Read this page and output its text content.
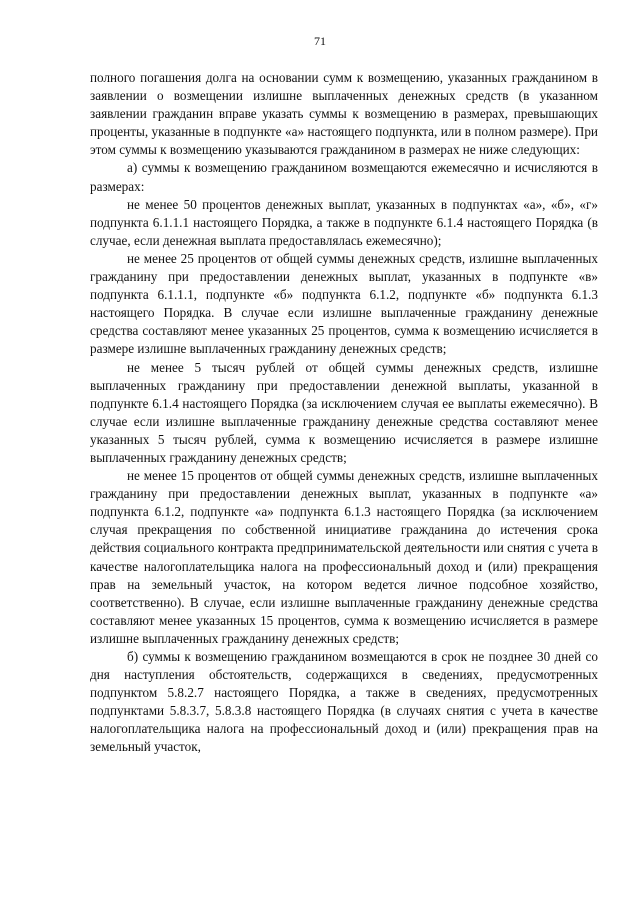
71

полного погашения долга на основании сумм к возмещению, указанных гражданином в заявлении о возмещении излишне выплаченных денежных средств (в указанном заявлении гражданин вправе указать суммы к возмещению в размерах, превышающих проценты, указанные в подпункте «а» настоящего подпункта, или в полном размере). При этом суммы к возмещению указываются гражданином в размерах не ниже следующих:

а) суммы к возмещению гражданином возмещаются ежемесячно и исчисляются в размерах:

не менее 50 процентов денежных выплат, указанных в подпунктах «а», «б», «г» подпункта 6.1.1.1 настоящего Порядка, а также в подпункте 6.1.4 настоящего Порядка (в случае, если денежная выплата предоставлялась ежемесячно);

не менее 25 процентов от общей суммы денежных средств, излишне выплаченных гражданину при предоставлении денежных выплат, указанных в подпункте «в» подпункта 6.1.1.1, подпункте «б» подпункта 6.1.2, подпункте «б» подпункта 6.1.3 настоящего Порядка. В случае если излишне выплаченные гражданину денежные средства составляют менее указанных 25 процентов, сумма к возмещению исчисляется в размере излишне выплаченных гражданину денежных средств;

не менее 5 тысяч рублей от общей суммы денежных средств, излишне выплаченных гражданину при предоставлении денежной выплаты, указанной в подпункте 6.1.4 настоящего Порядка (за исключением случая ее выплаты ежемесячно). В случае если излишне выплаченные гражданину денежные средства составляют менее указанных 5 тысяч рублей, сумма к возмещению исчисляется в размере излишне выплаченных гражданину денежных средств;

не менее 15 процентов от общей суммы денежных средств, излишне выплаченных гражданину при предоставлении денежных выплат, указанных в подпункте «а» подпункта 6.1.2, подпункте «а» подпункта 6.1.3 настоящего Порядка (за исключением случая прекращения по собственной инициативе гражданина до истечения срока действия социального контракта предпринимательской деятельности или снятия с учета в качестве налогоплательщика налога на профессиональный доход и (или) прекращения прав на земельный участок, на котором ведется личное подсобное хозяйство, соответственно). В случае, если излишне выплаченные гражданину денежные средства составляют менее указанных 15 процентов, сумма к возмещению исчисляется в размере излишне выплаченных гражданину денежных средств;

б) суммы к возмещению гражданином возмещаются в срок не позднее 30 дней со дня наступления обстоятельств, содержащихся в сведениях, предусмотренных подпунктом 5.8.2.7 настоящего Порядка, а также в сведениях, предусмотренных подпунктами 5.8.3.7, 5.8.3.8 настоящего Порядка (в случаях снятия с учета в качестве налогоплательщика налога на профессиональный доход и (или) прекращения прав на земельный участок,
